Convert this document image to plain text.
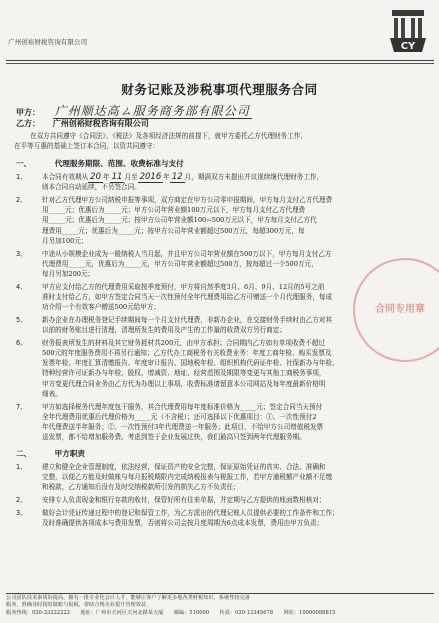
广州创裕财税咨询有限公司	CY
财务记账及涉税事项代理服务合同
甲方： 广州顺达高ㄙ服务商务部有限公司
乙方： 广州创裕财税咨询有限公司
在双方共同遵守《合同法》、《税法》及各项经济法规的前提下，就甲方委托乙方代理财务工作，
在平等互惠的基础上签订本合同，以资共同遵守：
一、	代理服务期限、范围、收费标准与支付
1、	本合同有效期从 20 年 11 月至 2016 年 12 月，期满双方未提出并议视续继代理财务工作，
则本合同自动延续，不另签合同。
2、	针对乙方代理甲方公司纳税申报等事项，双方商定在甲方公司零申报期间，甲方每月支付乙方代理费
用_____元；优惠后为_____元；甲方公司年营业额100万元以下，甲方每月支付乙方代理费
用_____元；优惠后为_____元；按甲方公司年营业额100~500万元以下，甲方每月支付乙方代
理费用_____元；优惠后为_____元；按甲方公司年营业额超过500万元，每超300万元，每
月另加100元；
3、	中途从小规模企业成为一般纳税人当月起，并且甲方公司年营业额在500万以下，甲方每月支付乙方
代理费用_____元，优惠后为_____元，甲方公司年营业额超过500万，按每超过一个500万元，
每月另加200元；
4、	甲方应支付给乙方的代理费用采取按季度预付，甲方将自然季度3月、6月、9月、12月的5号之前
准时支付给乙方，如甲方签定合同当天一次性预付全年代理费用给乙方可赠送一个月代理服务，每成
功介绍一个有效客户赠送500元给甲方；
5、	新办企业在办理税务登记手续期间每一个月支付代理费，非新办企业，在交接财务手续时由乙方对其
以前的财务账目进行清理，清理所发生的费用及产生的工作量的收费双方另行商定；
6、	财务报表所发生的材料及其它财务耗材共200元，由甲方承担；合同期内乙方如有单项收费不超过
500元的年度服务费用不再另行通知；乙方代办工商税务有关收费业务：年度工商年检、购买发票及
发票年检、年度汇算清缴报告、年度审计报告、国地税年检、组织机构代码证年检、社保新办与年检、
特种经营许可证新办与年检、股权、增减资、地址、经营范围及期限等变更与其他工商税务事项，
甲方变更代理合同业务由乙方代为办理以上事项，收费标准请留意本公司网站及每年度最新价格明
细表。
7、	甲方如选择税务代理年度包干服务，其合代理费用每年度标准价格为_____元；签定合同当天预付
全年代理费用优惠后代理价格为_____元（不含税）；还可选择以下优惠项目：①、一次性预付2
年代理费送半年服务；②、一次性预付3年代理费送一年服务；此项目，不给甲方公司增值税发票
送发票，都不给增加服务费。考虑到签于企业发展过快，我们最高只签到两年代理服务期。
二、	甲方职责
1、	建立和健全企业管理制度，依法经营，保证资产的安全完整，保证原始凭证的真实、合法、准确和
完整，以便乙方能及时做账与每月报税期限内完成纳税报表与税报工作，若甲方逾税额产业额不足缴
和税款，乙方通知后没有及时交纳税款所引发的损失乙方不负责任；
2、	安排专人负责现金和银行存款的收付，保管好所有往来单据，并定期与乙方提供的账面数相核对；
3、	做好会计凭证传递过程中的登记和保管工作，为乙方派出的代理记账人员提供必要的工作条件和工作；
及时准确提供各项成本与费用发票，否则将公司会按月度周期为6点成本发票，费用由甲方负责；
合同专用章
公司团队技术素质的提高，拥有一批专业化会计人才，能够让客户了解更多地各类财税知识，系统性较完备
服务，准确及时按时做账与报税，帮助合规企业提升管理效益、
服务热线：020-33222222　　地址：广州市天河区天河北路某大厦　　邮编：510000　　传真：020-12345678　　网址：10000088815
